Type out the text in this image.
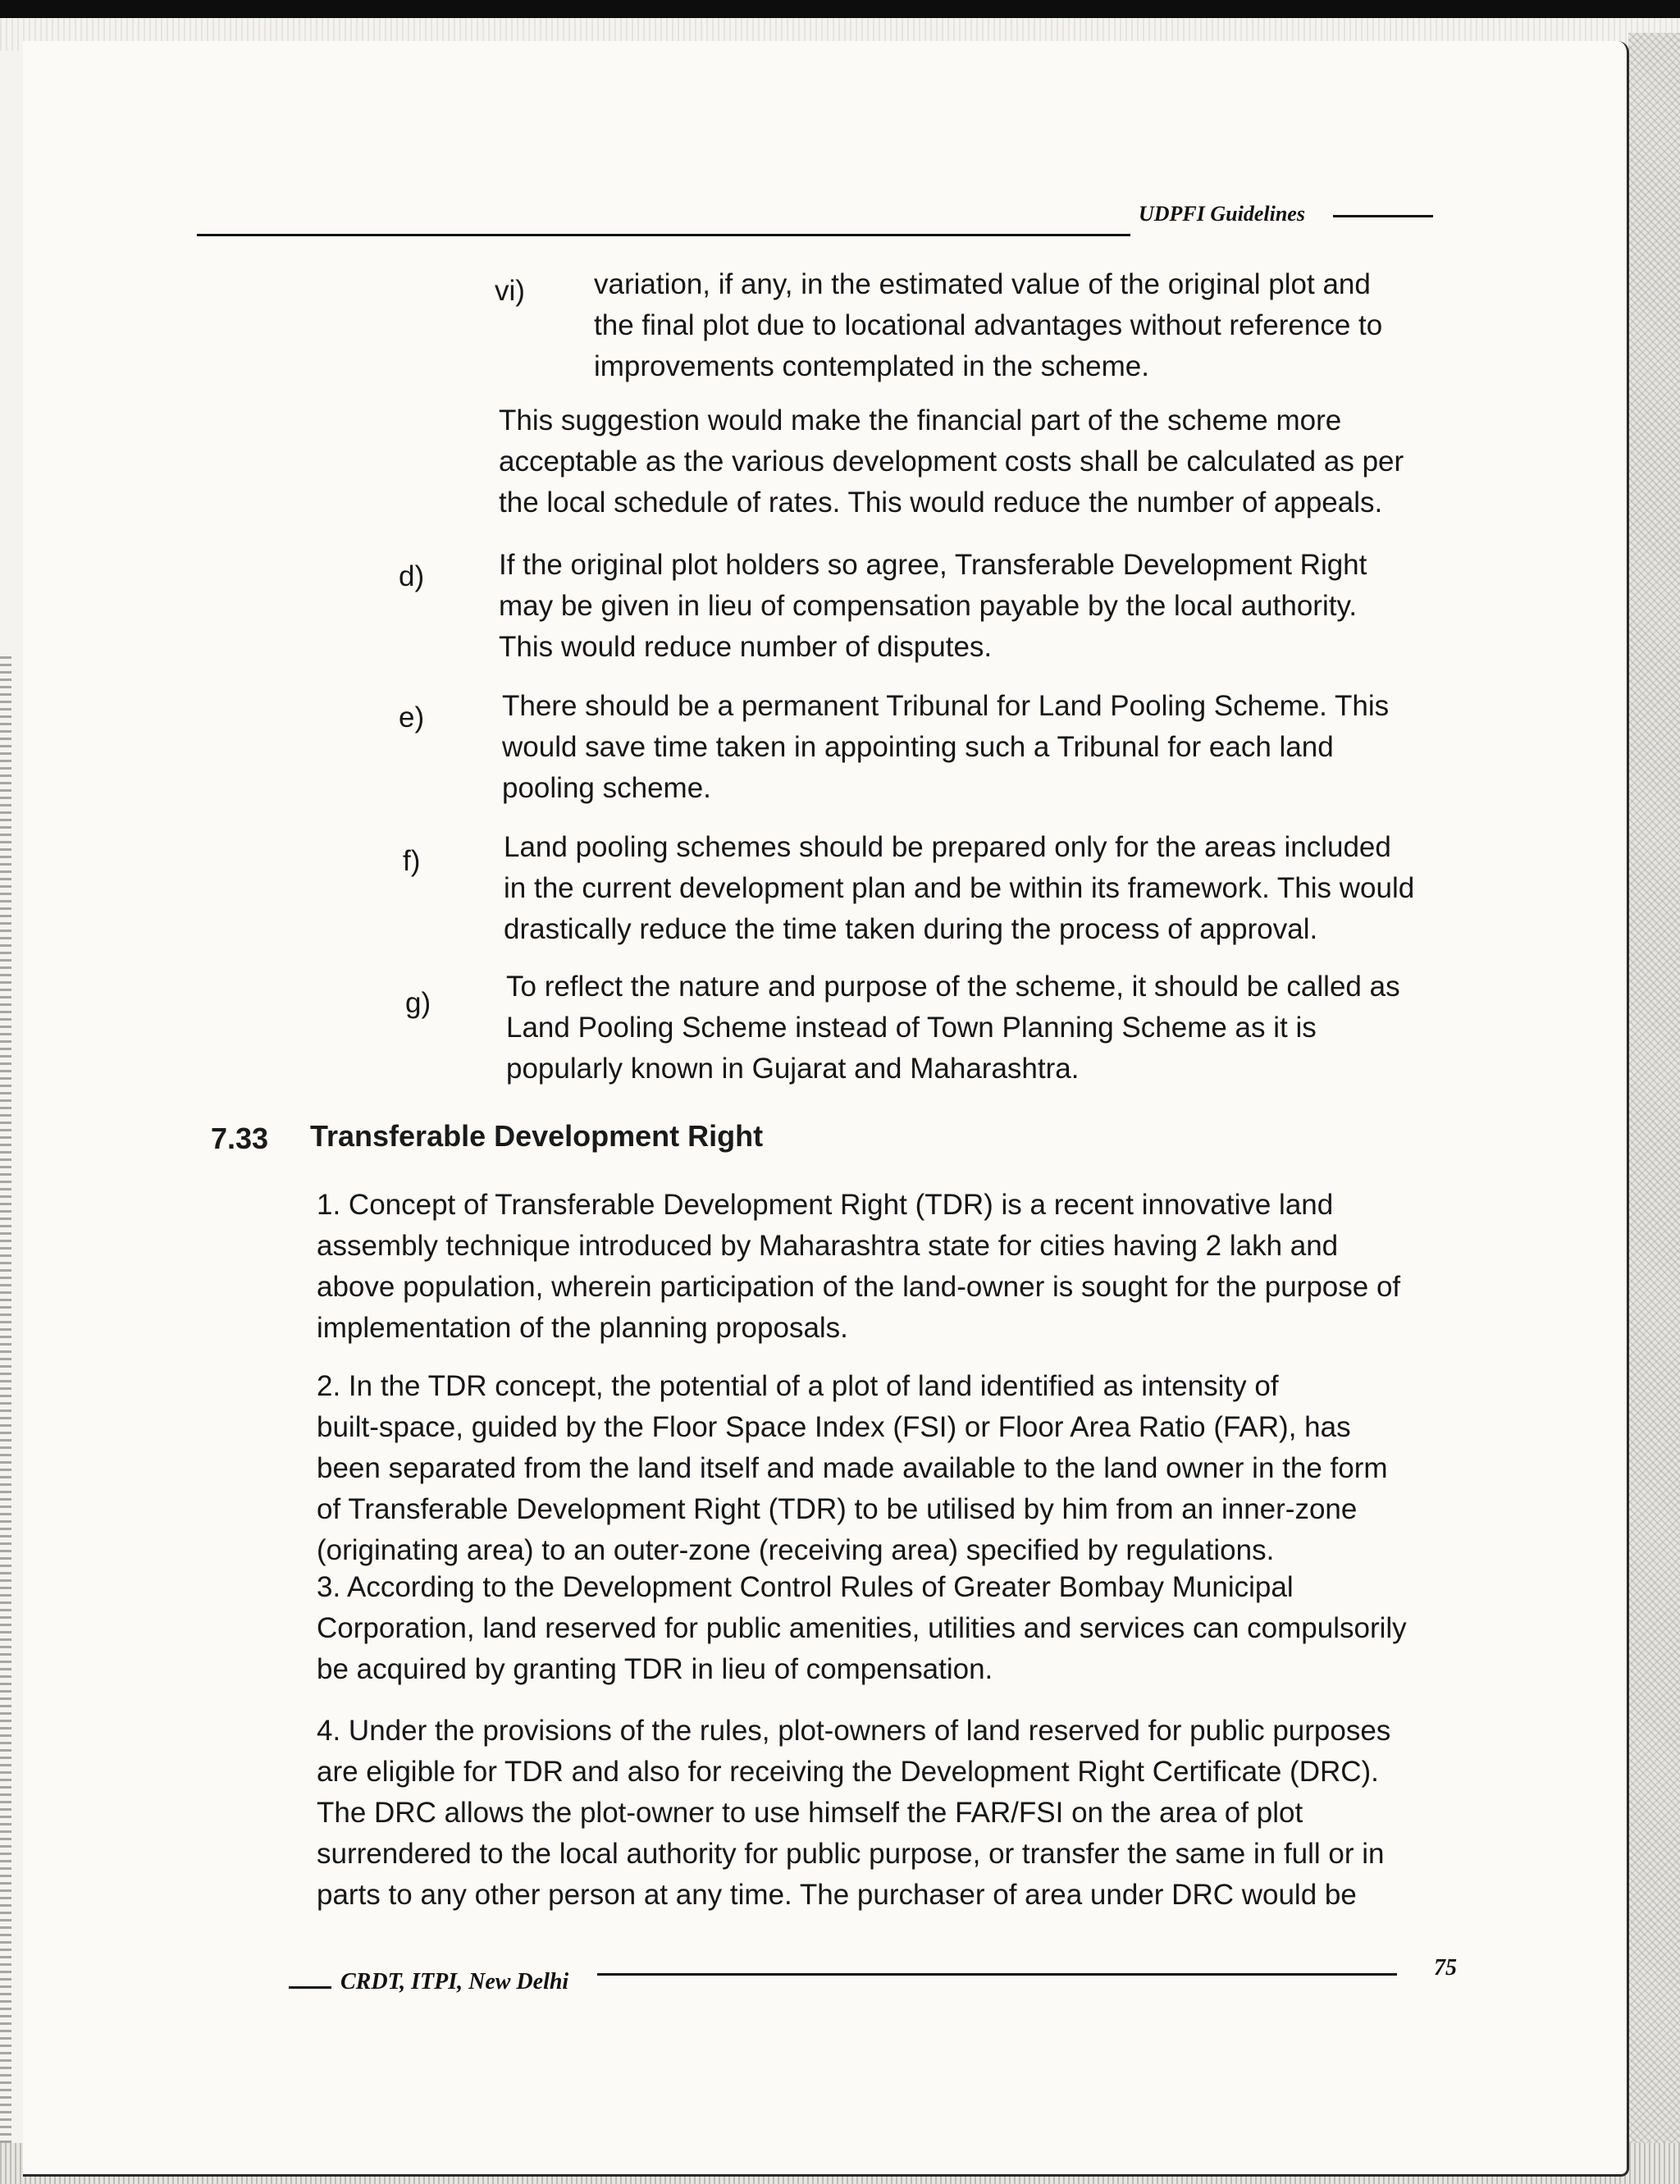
UDPFI Guidelines
vi) variation, if any, in the estimated value of the original plot and
the final plot due to locational advantages without reference to
improvements contemplated in the scheme.
This suggestion would make the financial part of the scheme more
acceptable as the various development costs shall be calculated as per
the local schedule of rates. This would reduce the number of appeals.
d)	If the original plot holders so agree, Transferable Development Right
may be given in lieu of compensation payable by the local authority.
This would reduce number of disputes.
e)	There should be a permanent Tribunal for Land Pooling Scheme. This
would save time taken in appointing such a Tribunal for each land
pooling scheme.
f)	Land pooling schemes should be prepared only for the areas included
in the current development plan and be within its framework. This would
drastically reduce the time taken during the process of approval.
g)
To reflect the nature and purpose of the scheme, it should be called as
Land Pooling Scheme instead of Town Planning Scheme as it is
popularly known in Gujarat and Maharashtra.
7.33 Transferable Development Right
1. Concept of Transferable Development Right (TDR) is a recent innovative land
assembly technique introduced by Maharashtra state for cities having 2 lakh and
above population, wherein participation of the land-owner is sought for the purpose of
implementation of the planning proposals.
2. In the TDR concept, the potential of a plot of land identified as intensity of
built-space, guided by the Floor Space Index (FSI) or Floor Area Ratio (FAR), has
been separated from the land itself and made available to the land owner in the form
of Transferable Development Right (TDR) to be utilised by him from an inner-zone
(originating area) to an outer-zone (receiving area) specified by regulations.
3. According to the Development Control Rules of Greater Bombay Municipal
Corporation, land reserved for public amenities, utilities and services can compulsorily
be acquired by granting TDR in lieu of compensation.
4. Under the provisions of the rules, plot-owners of land reserved for public purposes
are eligible for TDR and also for receiving the Development Right Certificate (DRC).
The DRC allows the plot-owner to use himself the FAR/FSI on the area of plot
surrendered to the local authority for public purpose, or transfer the same in full or in
parts to any other person at any time. The purchaser of area under DRC would be
CRDT, ITPI, New Delhi
75
